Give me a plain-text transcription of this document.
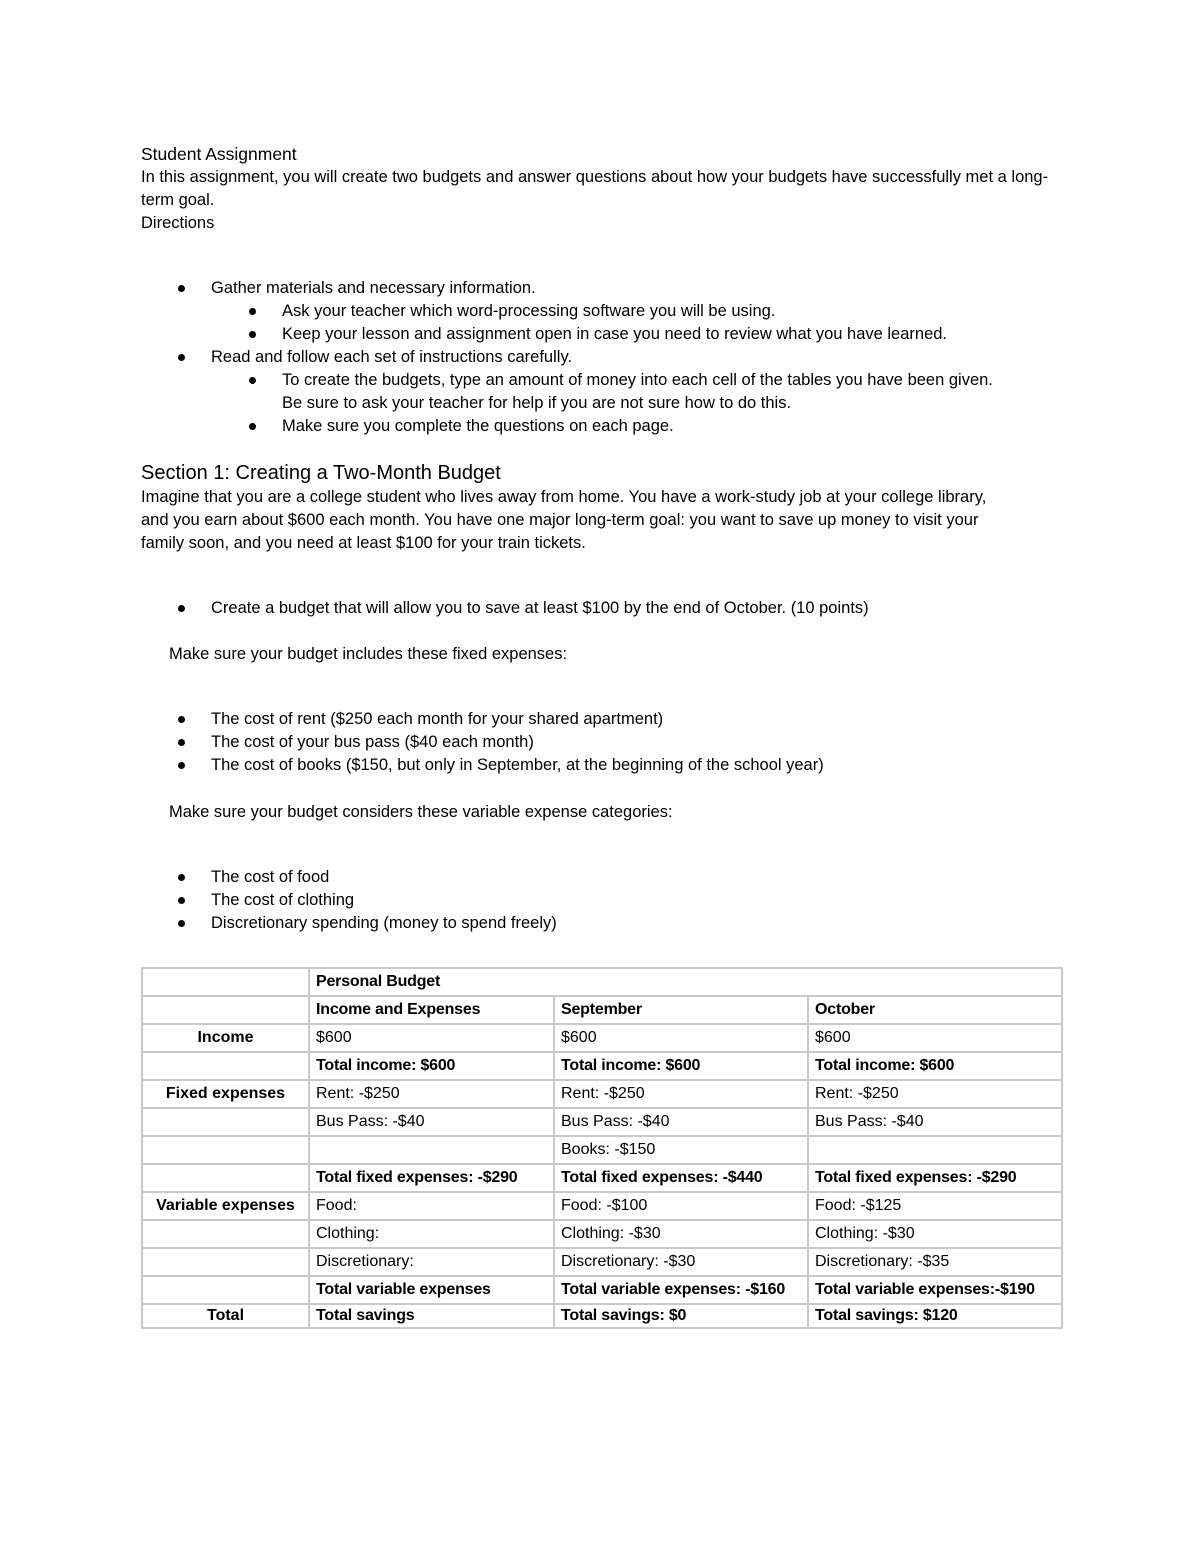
Student Assignment
In this assignment, you will create two budgets and answer questions about how your budgets have successfully met a long-term goal.
Directions
Gather materials and necessary information.
Ask your teacher which word-processing software you will be using.
Keep your lesson and assignment open in case you need to review what you have learned.
Read and follow each set of instructions carefully.
To create the budgets, type an amount of money into each cell of the tables you have been given.
Be sure to ask your teacher for help if you are not sure how to do this.
Make sure you complete the questions on each page.
Section 1: Creating a Two-Month Budget
Imagine that you are a college student who lives away from home. You have a work-study job at your college library,
and you earn about $600 each month. You have one major long-term goal: you want to save up money to visit your
family soon, and you need at least $100 for your train tickets.
Create a budget that will allow you to save at least $100 by the end of October. (10 points)
Make sure your budget includes these fixed expenses:
The cost of rent ($250 each month for your shared apartment)
The cost of your bus pass ($40 each month)
The cost of books ($150, but only in September, at the beginning of the school year)
Make sure your budget considers these variable expense categories:
The cost of food
The cost of clothing
Discretionary spending (money to spend freely)
	Personal Budget		
	Income and Expenses	September	October
Income	$600	$600	$600
	Total income: $600	Total income: $600	Total income: $600
Fixed expenses	Rent: -$250	Rent: -$250	Rent: -$250
	Bus Pass: -$40	Bus Pass: -$40	Bus Pass: -$40
		Books: -$150	
	Total fixed expenses: -$290	Total fixed expenses: -$440	Total fixed expenses: -$290
Variable expenses	Food:	Food: -$100	Food: -$125
	Clothing:	Clothing: -$30	Clothing: -$30
	Discretionary:	Discretionary: -$30	Discretionary: -$35
	Total variable expenses	Total variable expenses: -$160	Total variable expenses:-$190
Total	Total savings	Total savings: $0	Total savings: $120
